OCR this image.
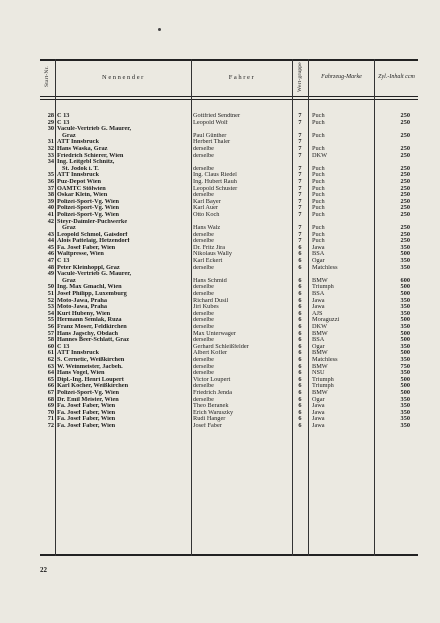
Start-Nr.	Nennender	Fahrer	Wert-gruppe	Fahrzeug-Marke	Zyl.-Inhalt ccm
28 C 13	Gottfried Sendtner	7	Puch	250
29 C 13	Leopold Wolf	7	Puch	250
30 Vaculé-Vertrieb G. Maurer,
Graz	Paul Günther	7	Puch	250
31 ATT Innsbruck	Herbert Thaler	7
32 Hans Waska, Graz	derselbe	7	Puch	250
33 Friedrich Schierer, Wien	derselbe	7	DKW	250
34 Ing. Leitgebl Schnitz,
St. Jodok i. T.	derselbe	7	Puch	250
35 ATT Innsbruck	Ing. Claus Riedel	7	Puch	250
36 Puz-Depot Wien	Ing. Hubert Rauh	7	Puch	250
37 ÖAMTC Stölwien	Leopold Schuster	7	Puch	250
38 Oskar Klein, Wien	derselbe	7	Puch	250
39 Polizei-Sport-Vg. Wien	Karl Bayer	7	Puch	250
40 Polizei-Sport-Vg. Wien	Karl Auer	7	Puch	250
41 Polizei-Sport-Vg. Wien	Otto Koch	7	Puch	250
42 Steyr-Daimler-Puchwerke
Graz	Hans Walz	7	Puch	250
43 Leopold Schmol, Gaisdorf	derselbe	7	Puch	250
44 Alois Pattelaig, Hetzendorf	derselbe	7	Puch	250
45 Fa. Josef Faber, Wien	Dr. Fritz Jira	6	Jawa	350
46 Waltpresse, Wien	Nikolaus Wally	6	BSA	500
47 C 13	Karl Eckert	6	Ogar	350
48 Peter Kleinhoppl, Graz	derselbe	6	Matchless	350
49 Vaculé-Vertrieb G. Maurer,
Graz	Hans Schmid	6	BMW	600
50 Ing. Max Gmachl, Wien	derselbe	6	Triumph	500
51 Josef Philipp, Luxemburg	derselbe	6	BSA	500
52 Moto-Jawa, Praha	Richard Dusil	6	Jawa	350
53 Moto-Jawa, Praha	Jiri Kubes	6	Jawa	350
54 Kurt Hubeny, Wien	derselbe	6	AJS	350
55 Hermann Semlak, Ruza	derselbe	6	Moraguzzi	500
56 Franz Moser, Feldkirchen	derselbe	6	DKW	350
57 Hans Jagschy, Obdach	Max Unterwager	6	BMW	500
58 Hannes Beer-Schlatt, Graz	derselbe	6	BSA	500
60 C 13	Gerhard Schleißfelder	6	Ogar	350
61 ATT Innsbruck	Albert Kofler	6	BMW	500
62 S. Cernetic, Weißkirchen	derselbe	6	Matchless	350
63 W. Weinmeister, Jacbeh.	derselbe	6	BMW	750
64 Hans Vogel, Wien	derselbe	6	NSU	350
65 Dipl.-Ing. Henri Loupert	Victor Loupert	6	Triumph	500
66 Karl Kocher, Weißkirchen	derselbe	6	Triumph	500
67 Polizei-Sport-Vg. Wien	Friedrich Jenda	6	BMW	500
68 Dr. Emil Meister, Wien	derselbe	6	Ogar	350
69 Fa. Josef Faber, Wien	Theo Beranek	6	Jawa	350
70 Fa. Josef Faber, Wien	Erich Waruszky	6	Jawa	350
71 Fa. Josef Faber, Wien	Rudi Hanger	6	Jawa	350
72 Fa. Josef Faber, Wien	Josef Faber	6	Jawa	350
22
